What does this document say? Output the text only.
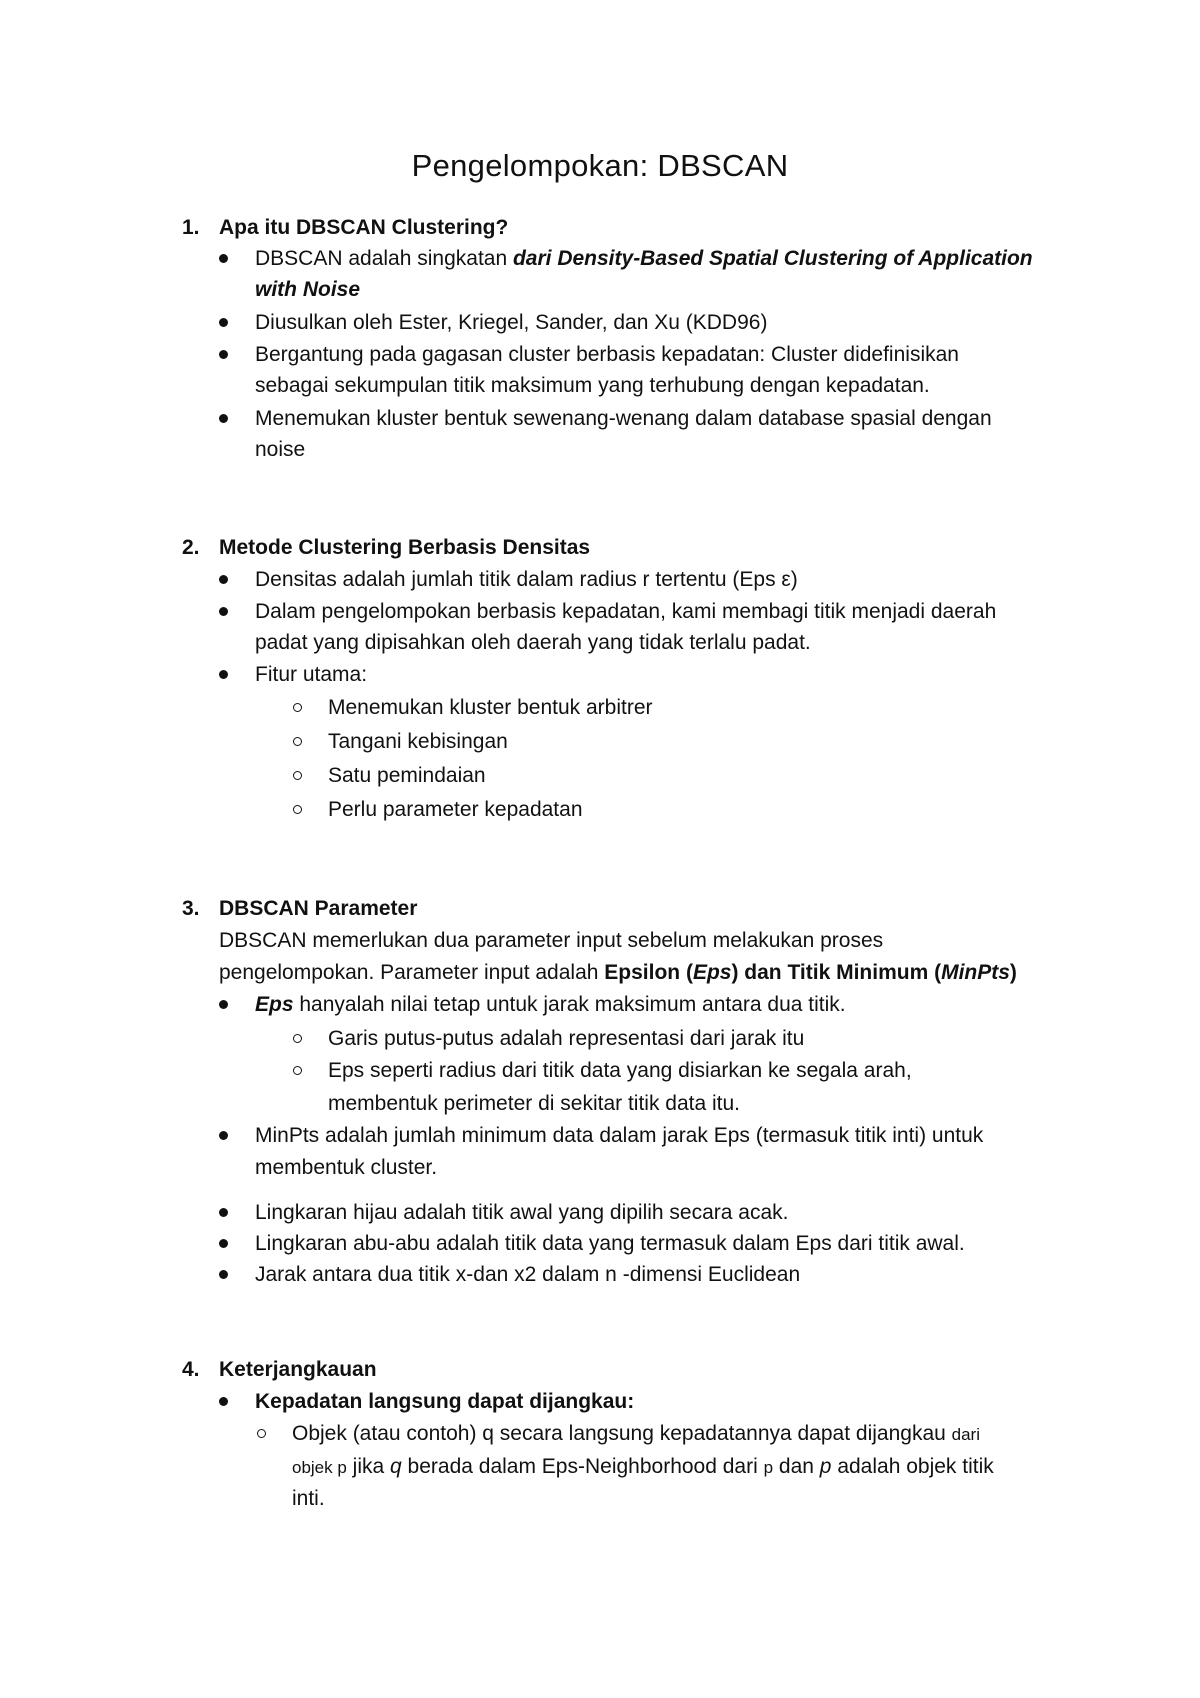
Pengelompokan: DBSCAN
1. Apa itu DBSCAN Clustering?
DBSCAN adalah singkatan dari Density-Based Spatial Clustering of Application
with Noise
Diusulkan oleh Ester, Kriegel, Sander, dan Xu (KDD96)
Bergantung pada gagasan cluster berbasis kepadatan: Cluster didefinisikan
sebagai sekumpulan titik maksimum yang terhubung dengan kepadatan.
Menemukan kluster bentuk sewenang-wenang dalam database spasial dengan
noise
2. Metode Clustering Berbasis Densitas
Densitas adalah jumlah titik dalam radius r tertentu (Eps ε)
Dalam pengelompokan berbasis kepadatan, kami membagi titik menjadi daerah
padat yang dipisahkan oleh daerah yang tidak terlalu padat.
Fitur utama:
Menemukan kluster bentuk arbitrer
Tangani kebisingan
Satu pemindaian
Perlu parameter kepadatan
3. DBSCAN Parameter
DBSCAN memerlukan dua parameter input sebelum melakukan proses
pengelompokan. Parameter input adalah Epsilon (Eps) dan Titik Minimum (MinPts)
Eps hanyalah nilai tetap untuk jarak maksimum antara dua titik.
Garis putus-putus adalah representasi dari jarak itu
Eps seperti radius dari titik data yang disiarkan ke segala arah,
membentuk perimeter di sekitar titik data itu.
MinPts adalah jumlah minimum data dalam jarak Eps (termasuk titik inti) untuk
membentuk cluster.
Lingkaran hijau adalah titik awal yang dipilih secara acak.
Lingkaran abu-abu adalah titik data yang termasuk dalam Eps dari titik awal.
Jarak antara dua titik x-dan x2 dalam n -dimensi Euclidean
4. Keterjangkauan
Kepadatan langsung dapat dijangkau:
Objek (atau contoh) q secara langsung kepadatannya dapat dijangkau dari
objek p jika q berada dalam Eps-Neighborhood dari p dan p adalah objek titik
inti.
